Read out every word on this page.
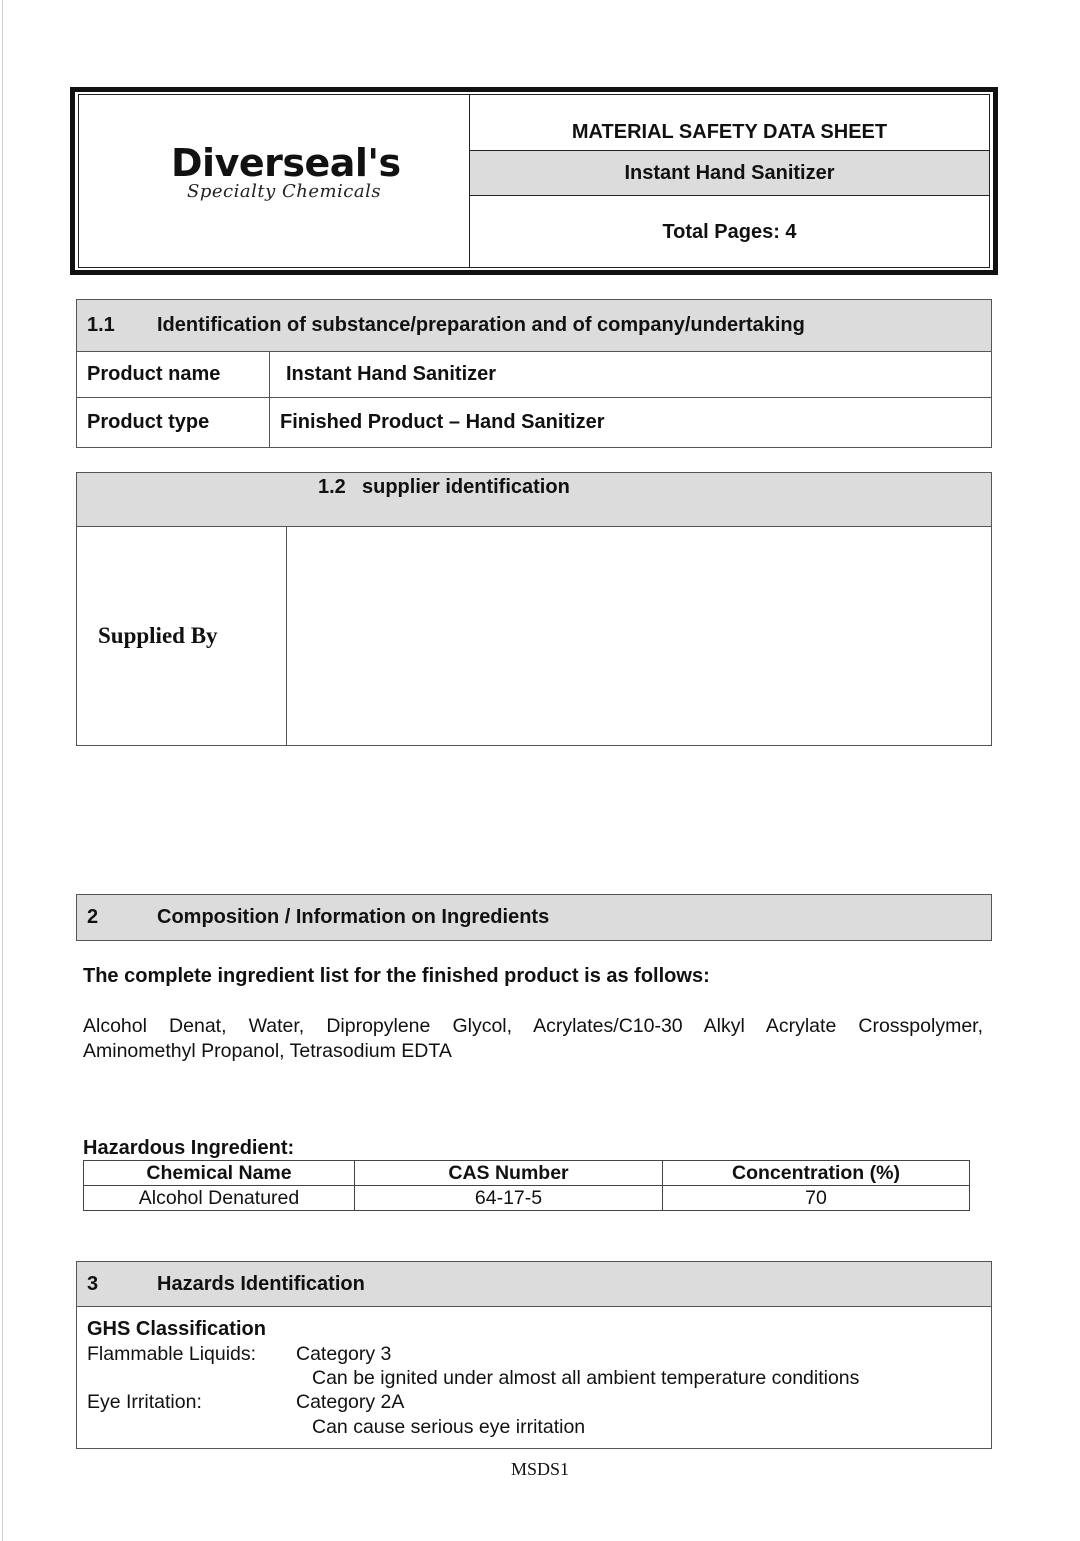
Diverseal's
Specialty Chemicals
MATERIAL SAFETY DATA SHEET
Instant Hand Sanitizer
Total Pages: 4
1.1	Identification of substance/preparation and of company/undertaking
Product name	Instant Hand Sanitizer
Product type	Finished Product – Hand Sanitizer
1.2 supplier identification
Supplied By
2	Composition / Information on Ingredients
The complete ingredient list for the finished product is as follows:
Alcohol Denat, Water, Dipropylene Glycol, Acrylates/C10-30 Alkyl Acrylate Crosspolymer,
Aminomethyl Propanol, Tetrasodium EDTA
Hazardous Ingredient:
Chemical Name	CAS Number	Concentration (%)
Alcohol Denatured	64-17-5	70
3	Hazards Identification
GHS Classification
Flammable Liquids: Category 3
Can be ignited under almost all ambient temperature conditions
Eye Irritation:	Category 2A
Can cause serious eye irritation
MSDS1
